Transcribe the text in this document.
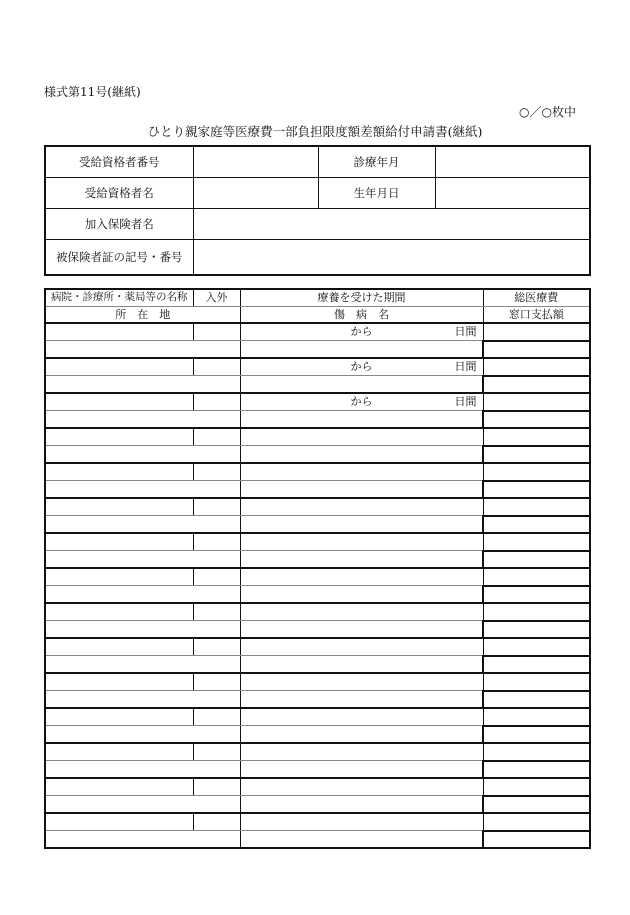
様式第11号(継紙)
○／○枚中
ひとり親家庭等医療費一部負担限度額差額給付申請書(継紙)
受給資格者番号		診療年月	
受給資格者名		生年月日	
加入保険者名			
被保険者証の記号・番号			
病院・診療所・薬局等の名称	入外	療養を受けた期間	総医療費
所　在　地		傷　病　名	窓口支払額

		から 日間	

		から 日間	

		から 日間	
